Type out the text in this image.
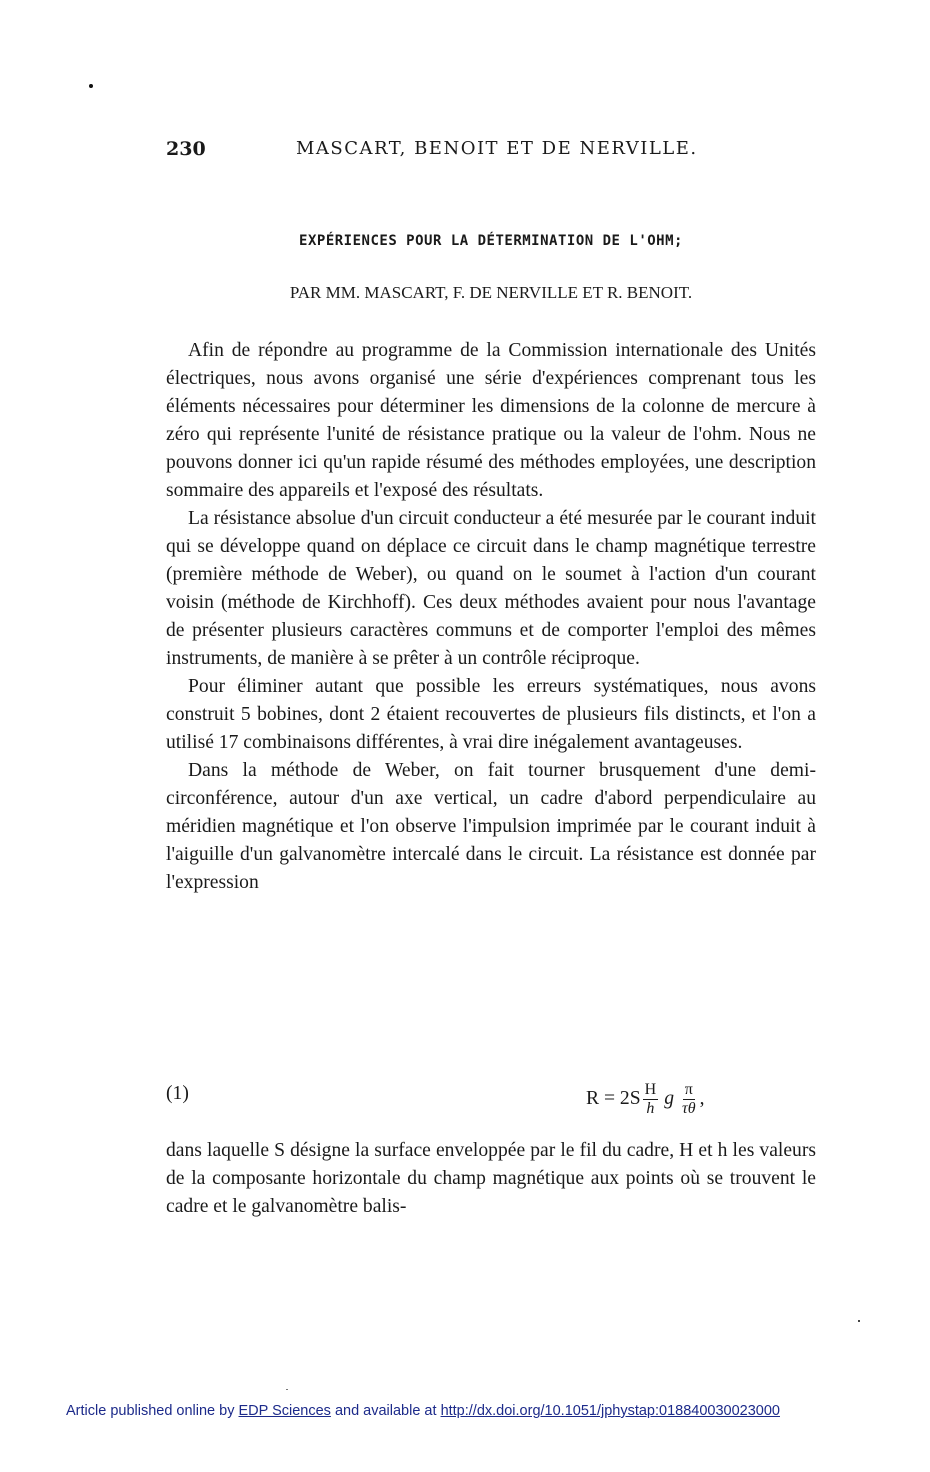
230	MASCART, BENOIT ET DE NERVILLE.
EXPÉRIENCES POUR LA DÉTERMINATION DE L'OHM;
PAR MM. MASCART, F. DE NERVILLE ET R. BENOIT.

Afin de répondre au programme de la Commission internationale des Unités électriques, nous avons organisé une série d'expériences comprenant tous les éléments nécessaires pour déterminer les dimensions de la colonne de mercure à zéro qui représente l'unité de résistance pratique ou la valeur de l'ohm. Nous ne pouvons donner ici qu'un rapide résumé des méthodes employées, une description sommaire des appareils et l'exposé des résultats.

La résistance absolue d'un circuit conducteur a été mesurée par le courant induit qui se développe quand on déplace ce circuit dans le champ magnétique terrestre (première méthode de Weber), ou quand on le soumet à l'action d'un courant voisin (méthode de Kirchhoff). Ces deux méthodes avaient pour nous l'avantage de présenter plusieurs caractères communs et de comporter l'emploi des mêmes instruments, de manière à se prêter à un contrôle réciproque.

Pour éliminer autant que possible les erreurs systématiques, nous avons construit 5 bobines, dont 2 étaient recouvertes de plusieurs fils distincts, et l'on a utilisé 17 combinaisons différentes, à vrai dire inégalement avantageuses.

Dans la méthode de Weber, on fait tourner brusquement d'une demi-circonférence, autour d'un axe vertical, un cadre d'abord perpendiculaire au méridien magnétique et l'on observe l'impulsion imprimée par le courant induit à l'aiguille d'un galvanomètre intercalé dans le circuit. La résistance est donnée par l'expression

(1)	$R = 2S \frac{H}{h}$ g $\frac{\pi}{\tau\theta}$ ,

dans laquelle S désigne la surface enveloppée par le fil du cadre, H et h les valeurs de la composante horizontale du champ magnétique aux points où se trouvent le cadre et le galvanomètre balis-

Article published online by EDP Sciences and available at http://dx.doi.org/10.1051/jphystap:018840030023000
